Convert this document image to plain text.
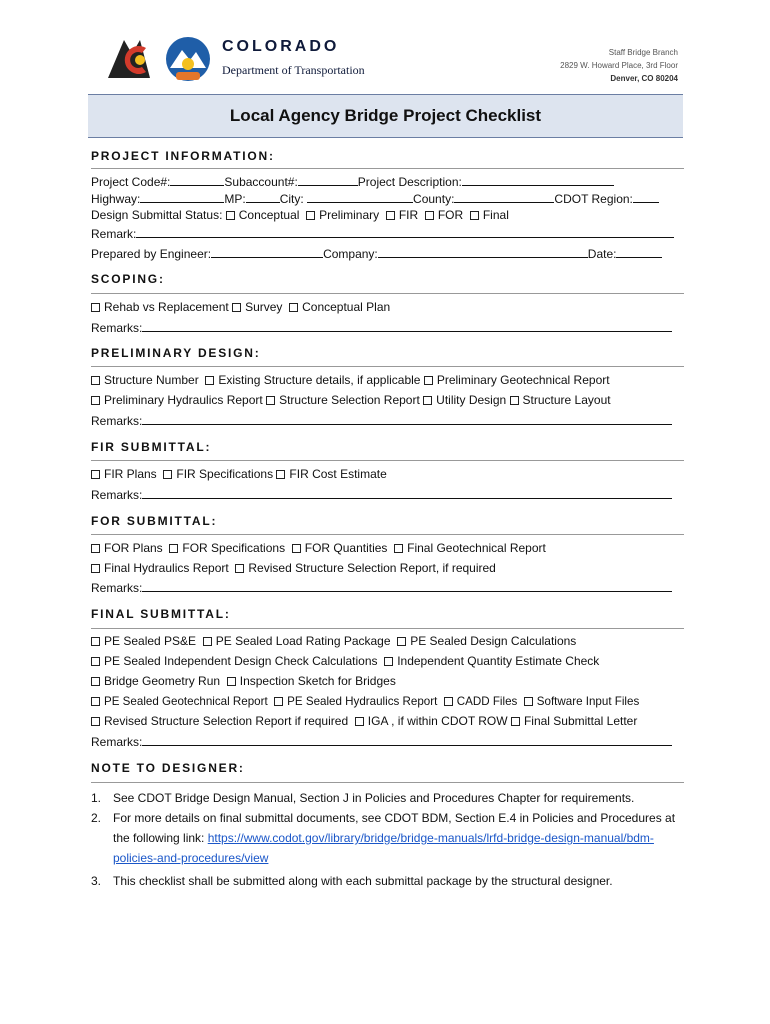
COLORADO
Department of Transportation
Staff Bridge Branch
2829 W. Howard Place, 3rd Floor
Denver, CO 80204
Local Agency Bridge Project Checklist
PROJECT INFORMATION:
Project Code#:	Subaccount#:	Project Description:
Highway:	MP:	City:	County:	CDOT Region:
Design Submittal Status: Conceptual Preliminary FIR FOR Final
Remark:
Prepared by Engineer:	Company:	Date:
SCOPING:
Rehab vs Replacement Survey Conceptual Plan
Remarks:
PRELIMINARY DESIGN:
Structure Number Existing Structure details, if applicable Preliminary Geotechnical Report
Preliminary Hydraulics Report Structure Selection Report Utility Design Structure Layout
Remarks:
FIR SUBMITTAL:
FIR Plans FIR Specifications FIR Cost Estimate
Remarks:
FOR SUBMITTAL:
FOR Plans FOR Specifications FOR Quantities Final Geotechnical Report
Final Hydraulics Report Revised Structure Selection Report, if required
Remarks:
FINAL SUBMITTAL:
PE Sealed PS&E PE Sealed Load Rating Package PE Sealed Design Calculations
PE Sealed Independent Design Check Calculations Independent Quantity Estimate Check
Bridge Geometry Run Inspection Sketch for Bridges
PE Sealed Geotechnical Report PE Sealed Hydraulics Report CADD Files Software Input Files
Revised Structure Selection Report if required IGA , if within CDOT ROW Final Submittal Letter
Remarks:
NOTE TO DESIGNER:
1. See CDOT Bridge Design Manual, Section J in Policies and Procedures Chapter for requirements.
2. For more details on final submittal documents, see CDOT BDM, Section E.4 in Policies and Procedures at the following link: https://www.codot.gov/library/bridge/bridge-manuals/lrfd-bridge-design-manual/bdm-policies-and-procedures/view
3. This checklist shall be submitted along with each submittal package by the structural designer.
